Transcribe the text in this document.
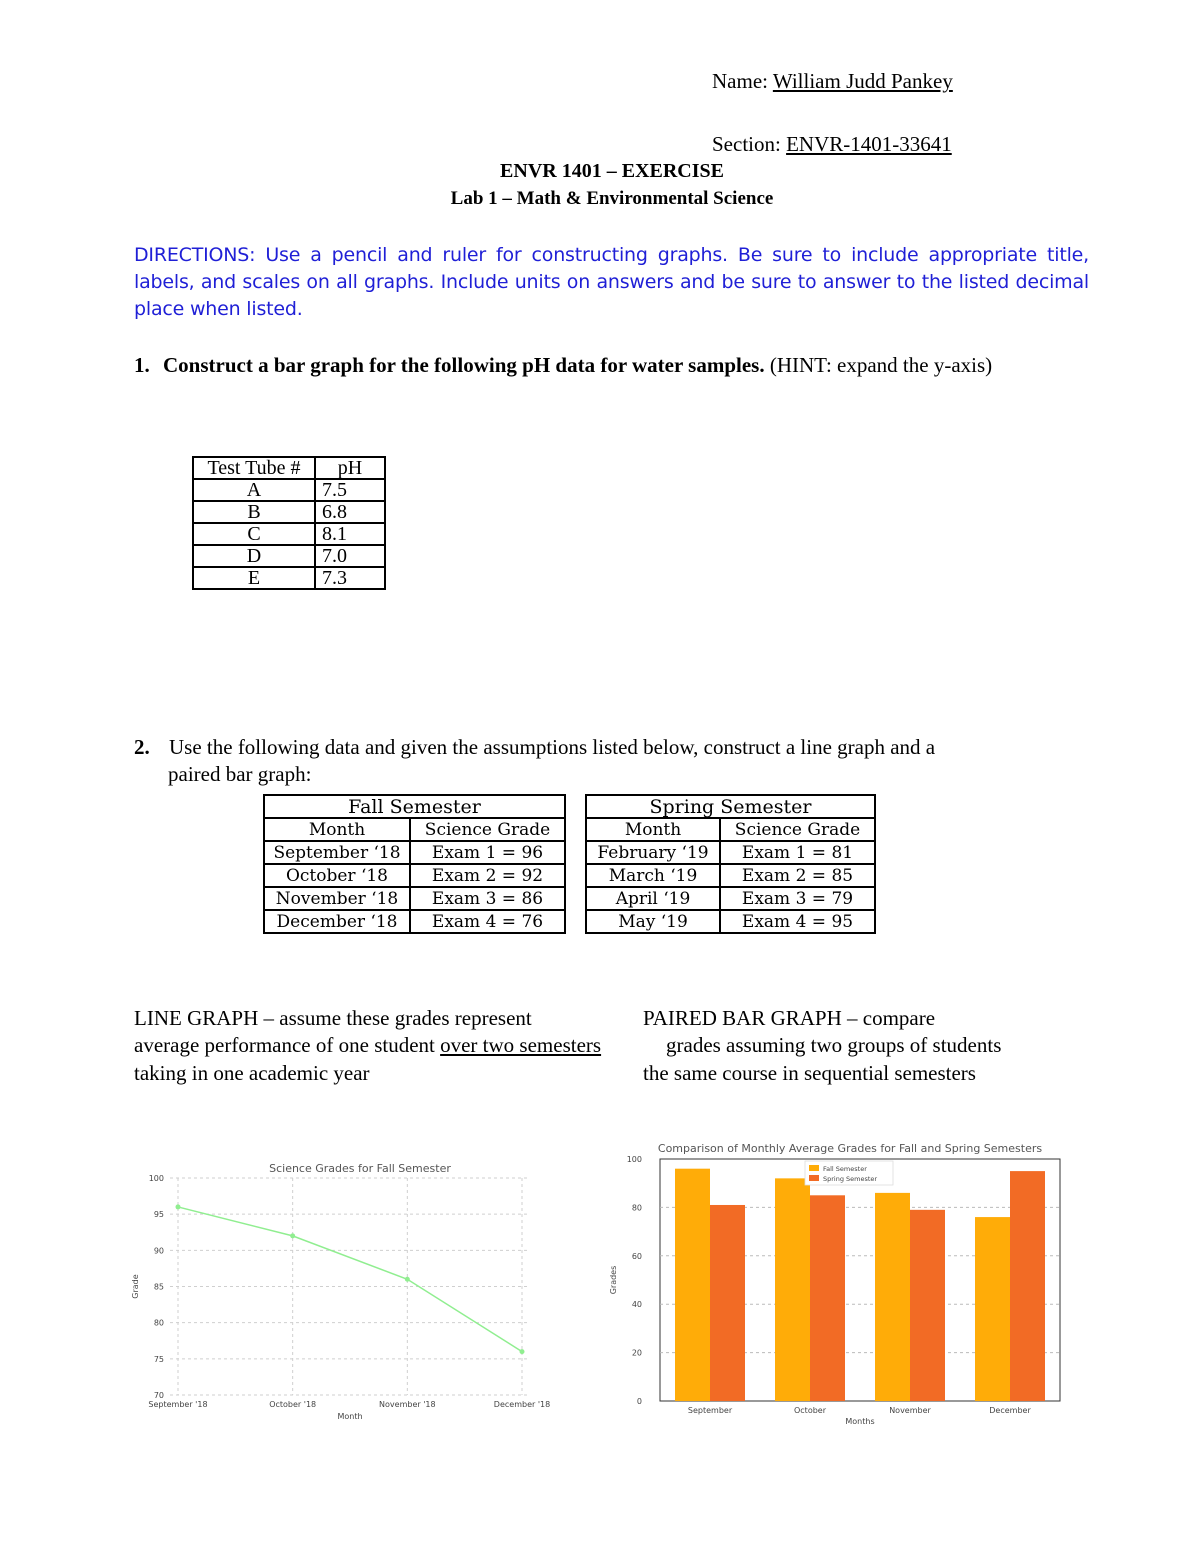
Name: William Judd Pankey
Section: ENVR-1401-33641
ENVR 1401 – EXERCISE
Lab 1 – Math & Environmental Science
DIRECTIONS: Use a pencil and ruler for constructing graphs. Be sure to include appropriate title, labels, and scales on all graphs. Include units on answers and be sure to answer to the listed decimal place when listed.
1. Construct a bar graph for the following pH data for water samples. (HINT: expand the y-axis)
Test Tube #	pH
A	7.5
B	6.8
C	8.1
D	7.0
E	7.3
2. Use the following data and given the assumptions listed below, construct a line graph and a
paired bar graph:
Fall Semester	
Month	Science Grade
September ‘18	Exam 1 = 96
October ‘18	Exam 2 = 92
November ‘18	Exam 3 = 86
December ‘18	Exam 4 = 76
Spring Semester	
Month	Science Grade
February ‘19	Exam 1 = 81
March ‘19	Exam 2 = 85
April ‘19	Exam 3 = 79
May ‘19	Exam 4 = 95
LINE GRAPH – assume these grades represent
average performance of one student over two semesters
taking in one academic year
PAIRED BAR GRAPH – compare
grades assuming two groups of students
the same course in sequential semesters
Science Grades for Fall Semester
100
95
90
85
80
75
70
September '18	October '18	November '18	December '18
Month
Grade
Comparison of Monthly Average Grades for Fall and Spring Semesters
0
20
40
60
80
100
Grades
September	October	November	December
Months
Fall Semester
Spring Semester
